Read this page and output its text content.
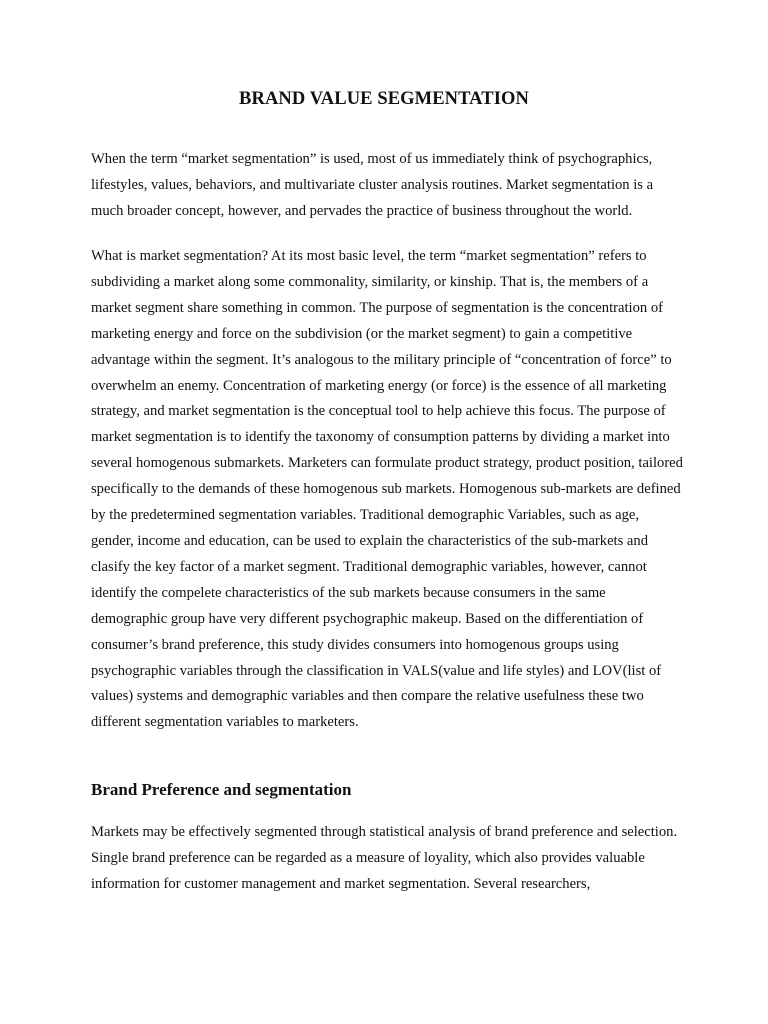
BRAND VALUE SEGMENTATION

When the term “market segmentation” is used, most of us immediately think of psychographics, lifestyles, values, behaviors, and multivariate cluster analysis routines. Market segmentation is a much broader concept, however, and pervades the practice of business throughout the world.

What is market segmentation? At its most basic level, the term “market segmentation” refers to subdividing a market along some commonality, similarity, or kinship. That is, the members of a market segment share something in common. The purpose of segmentation is the concentration of marketing energy and force on the subdivision (or the market segment) to gain a competitive advantage within the segment. It’s analogous to the military principle of “concentration of force” to overwhelm an enemy. Concentration of marketing energy (or force) is the essence of all marketing strategy, and market segmentation is the conceptual tool to help achieve this focus. The purpose of market segmentation is to identify the taxonomy of consumption patterns by dividing a market into several homogenous submarkets. Marketers can formulate product strategy, product position, tailored specifically to the demands of these homogenous sub markets. Homogenous sub-markets are defined by the predetermined segmentation variables. Traditional demographic Variables, such as age, gender, income and education, can be used to explain the characteristics of the sub-markets and clasify the key factor of a market segment. Traditional demographic variables, however, cannot identify the compelete characteristics of the sub markets because consumers in the same demographic group have very different psychographic makeup. Based on the differentiation of consumer’s brand preference, this study divides consumers into homogenous groups using psychographic variables through the classification in VALS(value and life styles) and LOV(list of values) systems and demographic variables and then compare the relative usefulness these two different segmentation variables to marketers.

Brand Preference and segmentation

Markets may be effectively segmented through statistical analysis of brand preference and selection. Single brand preference can be regarded as a measure of loyality, which also provides valuable information for customer management and market segmentation. Several researchers,
